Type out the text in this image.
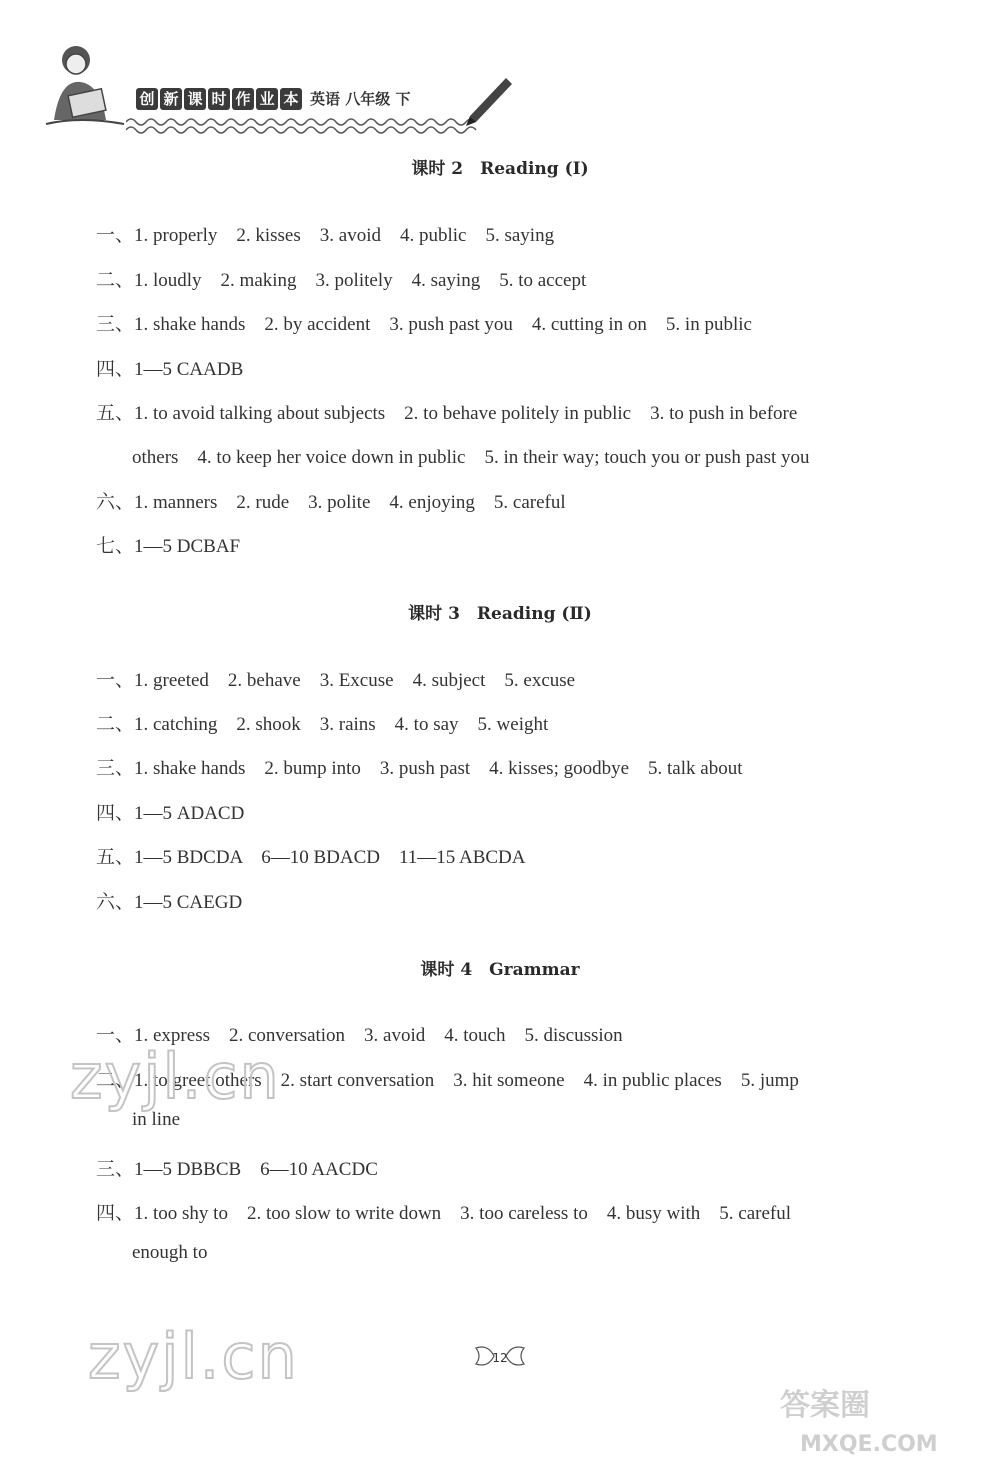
创 新 课 时 作 业 本 英语 八年级 下
课时 2　Reading (Ⅰ)
一、1. properly　2. kisses　3. avoid　4. public　5. saying
二、1. loudly　2. making　3. politely　4. saying　5. to accept
三、1. shake hands　2. by accident　3. push past you　4. cutting in on　5. in public
四、1—5 CAADB
五、1. to avoid talking about subjects　2. to behave politely in public　3. to push in before
others　4. to keep her voice down in public　5. in their way; touch you or push past you
六、1. manners　2. rude　3. polite　4. enjoying　5. careful
七、1—5 DCBAF
课时 3　Reading (Ⅱ)
一、1. greeted　2. behave　3. Excuse　4. subject　5. excuse
二、1. catching　2. shook　3. rains　4. to say　5. weight
三、1. shake hands　2. bump into　3. push past　4. kisses; goodbye　5. talk about
四、1—5 ADACD
五、1—5 BDCDA　6—10 BDACD　11—15 ABCDA
六、1—5 CAEGD
课时 4　Grammar
一、1. express　2. conversation　3. avoid　4. touch　5. discussion
二、1. to greet others　2. start conversation　3. hit someone　4. in public places　5. jump
in line
三、1—5 DBBCB　6—10 AACDC
四、1. too shy to　2. too slow to write down　3. too careless to　4. busy with　5. careful
enough to
zyjl.cn
zyjl.cn	12
答案圈
MXQE.COM
